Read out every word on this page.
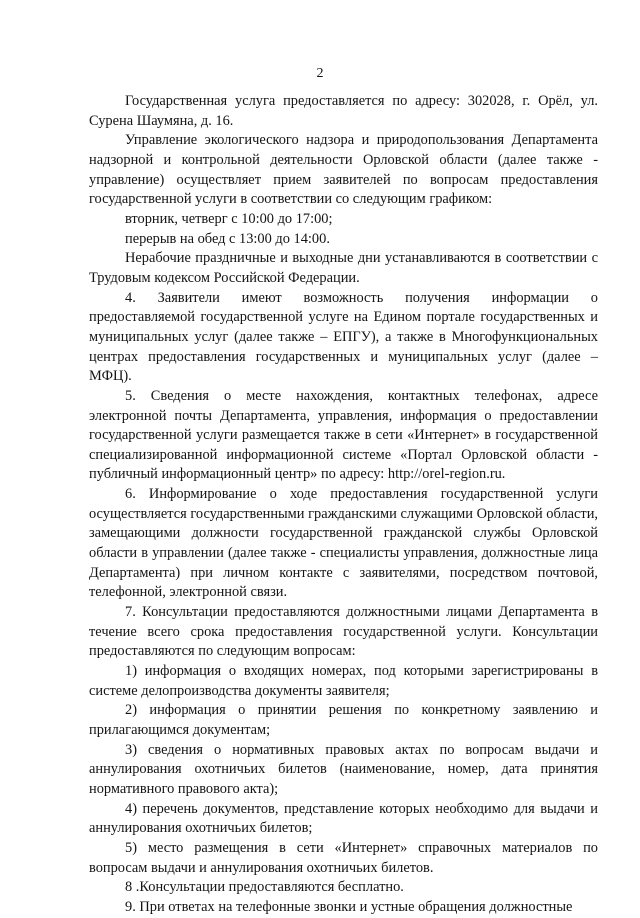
2

Государственная услуга предоставляется по адресу: 302028, г. Орёл, ул. Сурена Шаумяна, д. 16.

Управление экологического надзора и природопользования Департамента надзорной и контрольной деятельности Орловской области (далее также - управление) осуществляет прием заявителей по вопросам предоставления государственной услуги в соответствии со следующим графиком:

вторник, четверг с 10:00 до 17:00;

перерыв на обед с 13:00 до 14:00.

Нерабочие праздничные и выходные дни устанавливаются в соответствии с Трудовым кодексом Российской Федерации.

4. Заявители имеют возможность получения информации о предоставляемой государственной услуге на Едином портале государственных и муниципальных услуг (далее также – ЕПГУ), а также в Многофункциональных центрах предоставления государственных и муниципальных услуг (далее – МФЦ).

5. Сведения о месте нахождения, контактных телефонах, адресе электронной почты Департамента, управления, информация о предоставлении государственной услуги размещается также в сети «Интернет» в государственной специализированной информационной системе «Портал Орловской области - публичный информационный центр» по адресу: http://orel-region.ru.

6. Информирование о ходе предоставления государственной услуги осуществляется государственными гражданскими служащими Орловской области, замещающими должности государственной гражданской службы Орловской области в управлении (далее также - специалисты управления, должностные лица Департамента) при личном контакте с заявителями, посредством почтовой, телефонной, электронной связи.

7. Консультации предоставляются должностными лицами Департамента в течение всего срока предоставления государственной услуги. Консультации предоставляются по следующим вопросам:

1) информация о входящих номерах, под которыми зарегистрированы в системе делопроизводства документы заявителя;

2) информация о принятии решения по конкретному заявлению и прилагающимся документам;

3) сведения о нормативных правовых актах по вопросам выдачи и аннулирования охотничьих билетов (наименование, номер, дата принятия нормативного правового акта);

4) перечень документов, представление которых необходимо для выдачи и аннулирования охотничьих билетов;

5) место размещения в сети «Интернет» справочных материалов по вопросам выдачи и аннулирования охотничьих билетов.

8 .Консультации предоставляются бесплатно.

9. При ответах на телефонные звонки и устные обращения должностные
